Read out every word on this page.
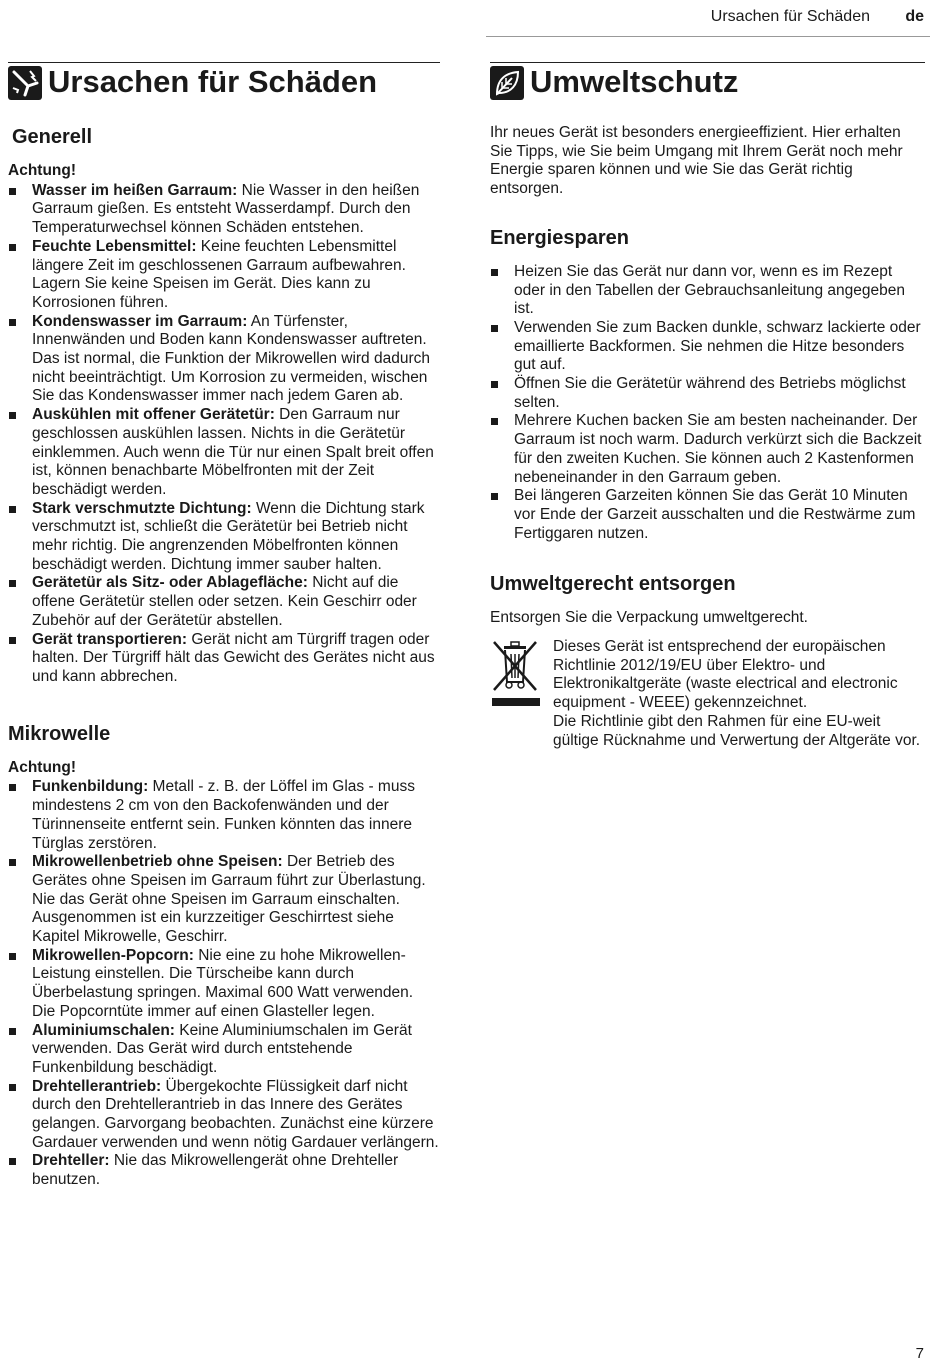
Ursachen für Schäden de
Ursachen für Schäden
Generell
Achtung!
Wasser im heißen Garraum: Nie Wasser in den heißen Garraum gießen. Es entsteht Wasserdampf. Durch den Temperaturwechsel können Schäden entstehen.
Feuchte Lebensmittel: Keine feuchten Lebensmittel längere Zeit im geschlossenen Garraum aufbewahren.
Lagern Sie keine Speisen im Gerät. Dies kann zu Korrosionen führen.
Kondenswasser im Garraum: An Türfenster, Innenwänden und Boden kann Kondenswasser auftreten. Das ist normal, die Funktion der Mikrowellen wird dadurch nicht beeinträchtigt. Um Korrosion zu vermeiden, wischen Sie das Kondenswasser immer nach jedem Garen ab.
Auskühlen mit offener Gerätetür: Den Garraum nur geschlossen auskühlen lassen. Nichts in die Gerätetür einklemmen. Auch wenn die Tür nur einen Spalt breit offen ist, können benachbarte Möbelfronten mit der Zeit beschädigt werden.
Stark verschmutzte Dichtung: Wenn die Dichtung stark verschmutzt ist, schließt die Gerätetür bei Betrieb nicht mehr richtig. Die angrenzenden Möbelfronten können beschädigt werden. Dichtung immer sauber halten.
Gerätetür als Sitz- oder Ablagefläche: Nicht auf die offene Gerätetür stellen oder setzen. Kein Geschirr oder Zubehör auf der Gerätetür abstellen.
Gerät transportieren: Gerät nicht am Türgriff tragen oder halten. Der Türgriff hält das Gewicht des Gerätes nicht aus und kann abbrechen.
Mikrowelle
Achtung!
Funkenbildung: Metall - z. B. der Löffel im Glas - muss mindestens 2 cm von den Backofenwänden und der Türinnenseite entfernt sein. Funken könnten das innere Türglas zerstören.
Mikrowellenbetrieb ohne Speisen: Der Betrieb des Gerätes ohne Speisen im Garraum führt zur Überlastung. Nie das Gerät ohne Speisen im Garraum einschalten. Ausgenommen ist ein kurzzeitiger Geschirrtest siehe Kapitel Mikrowelle, Geschirr.
Mikrowellen-Popcorn: Nie eine zu hohe Mikrowellen-Leistung einstellen. Die Türscheibe kann durch Überbelastung springen. Maximal 600 Watt verwenden. Die Popcorntüte immer auf einen Glasteller legen.
Aluminiumschalen: Keine Aluminiumschalen im Gerät verwenden. Das Gerät wird durch entstehende Funkenbildung beschädigt.
Drehtellerantrieb: Übergekochte Flüssigkeit darf nicht durch den Drehtellerantrieb in das Innere des Gerätes gelangen. Garvorgang beobachten. Zunächst eine kürzere Gardauer verwenden und wenn nötig Gardauer verlängern.
Drehteller: Nie das Mikrowellengerät ohne Drehteller benutzen.
Umweltschutz

Ihr neues Gerät ist besonders energieeffizient. Hier erhalten Sie Tipps, wie Sie beim Umgang mit Ihrem Gerät noch mehr Energie sparen können und wie Sie das Gerät richtig entsorgen.

Energiesparen
Heizen Sie das Gerät nur dann vor, wenn es im Rezept oder in den Tabellen der Gebrauchsanleitung angegeben ist.
Verwenden Sie zum Backen dunkle, schwarz lackierte oder emaillierte Backformen. Sie nehmen die Hitze besonders gut auf.
Öffnen Sie die Gerätetür während des Betriebs möglichst selten.
Mehrere Kuchen backen Sie am besten nacheinander. Der Garraum ist noch warm. Dadurch verkürzt sich die Backzeit für den zweiten Kuchen. Sie können auch 2 Kastenformen nebeneinander in den Garraum geben.
Bei längeren Garzeiten können Sie das Gerät 10 Minuten vor Ende der Garzeit ausschalten und die Restwärme zum Fertiggaren nutzen.
Umweltgerecht entsorgen

Entsorgen Sie die Verpackung umweltgerecht.

Dieses Gerät ist entsprechend der europäischen Richtlinie 2012/19/EU über Elektro- und Elektronikaltgeräte (waste electrical and electronic equipment - WEEE) gekennzeichnet.
Die Richtlinie gibt den Rahmen für eine EU-weit gültige Rücknahme und Verwertung der Altgeräte vor.
7
